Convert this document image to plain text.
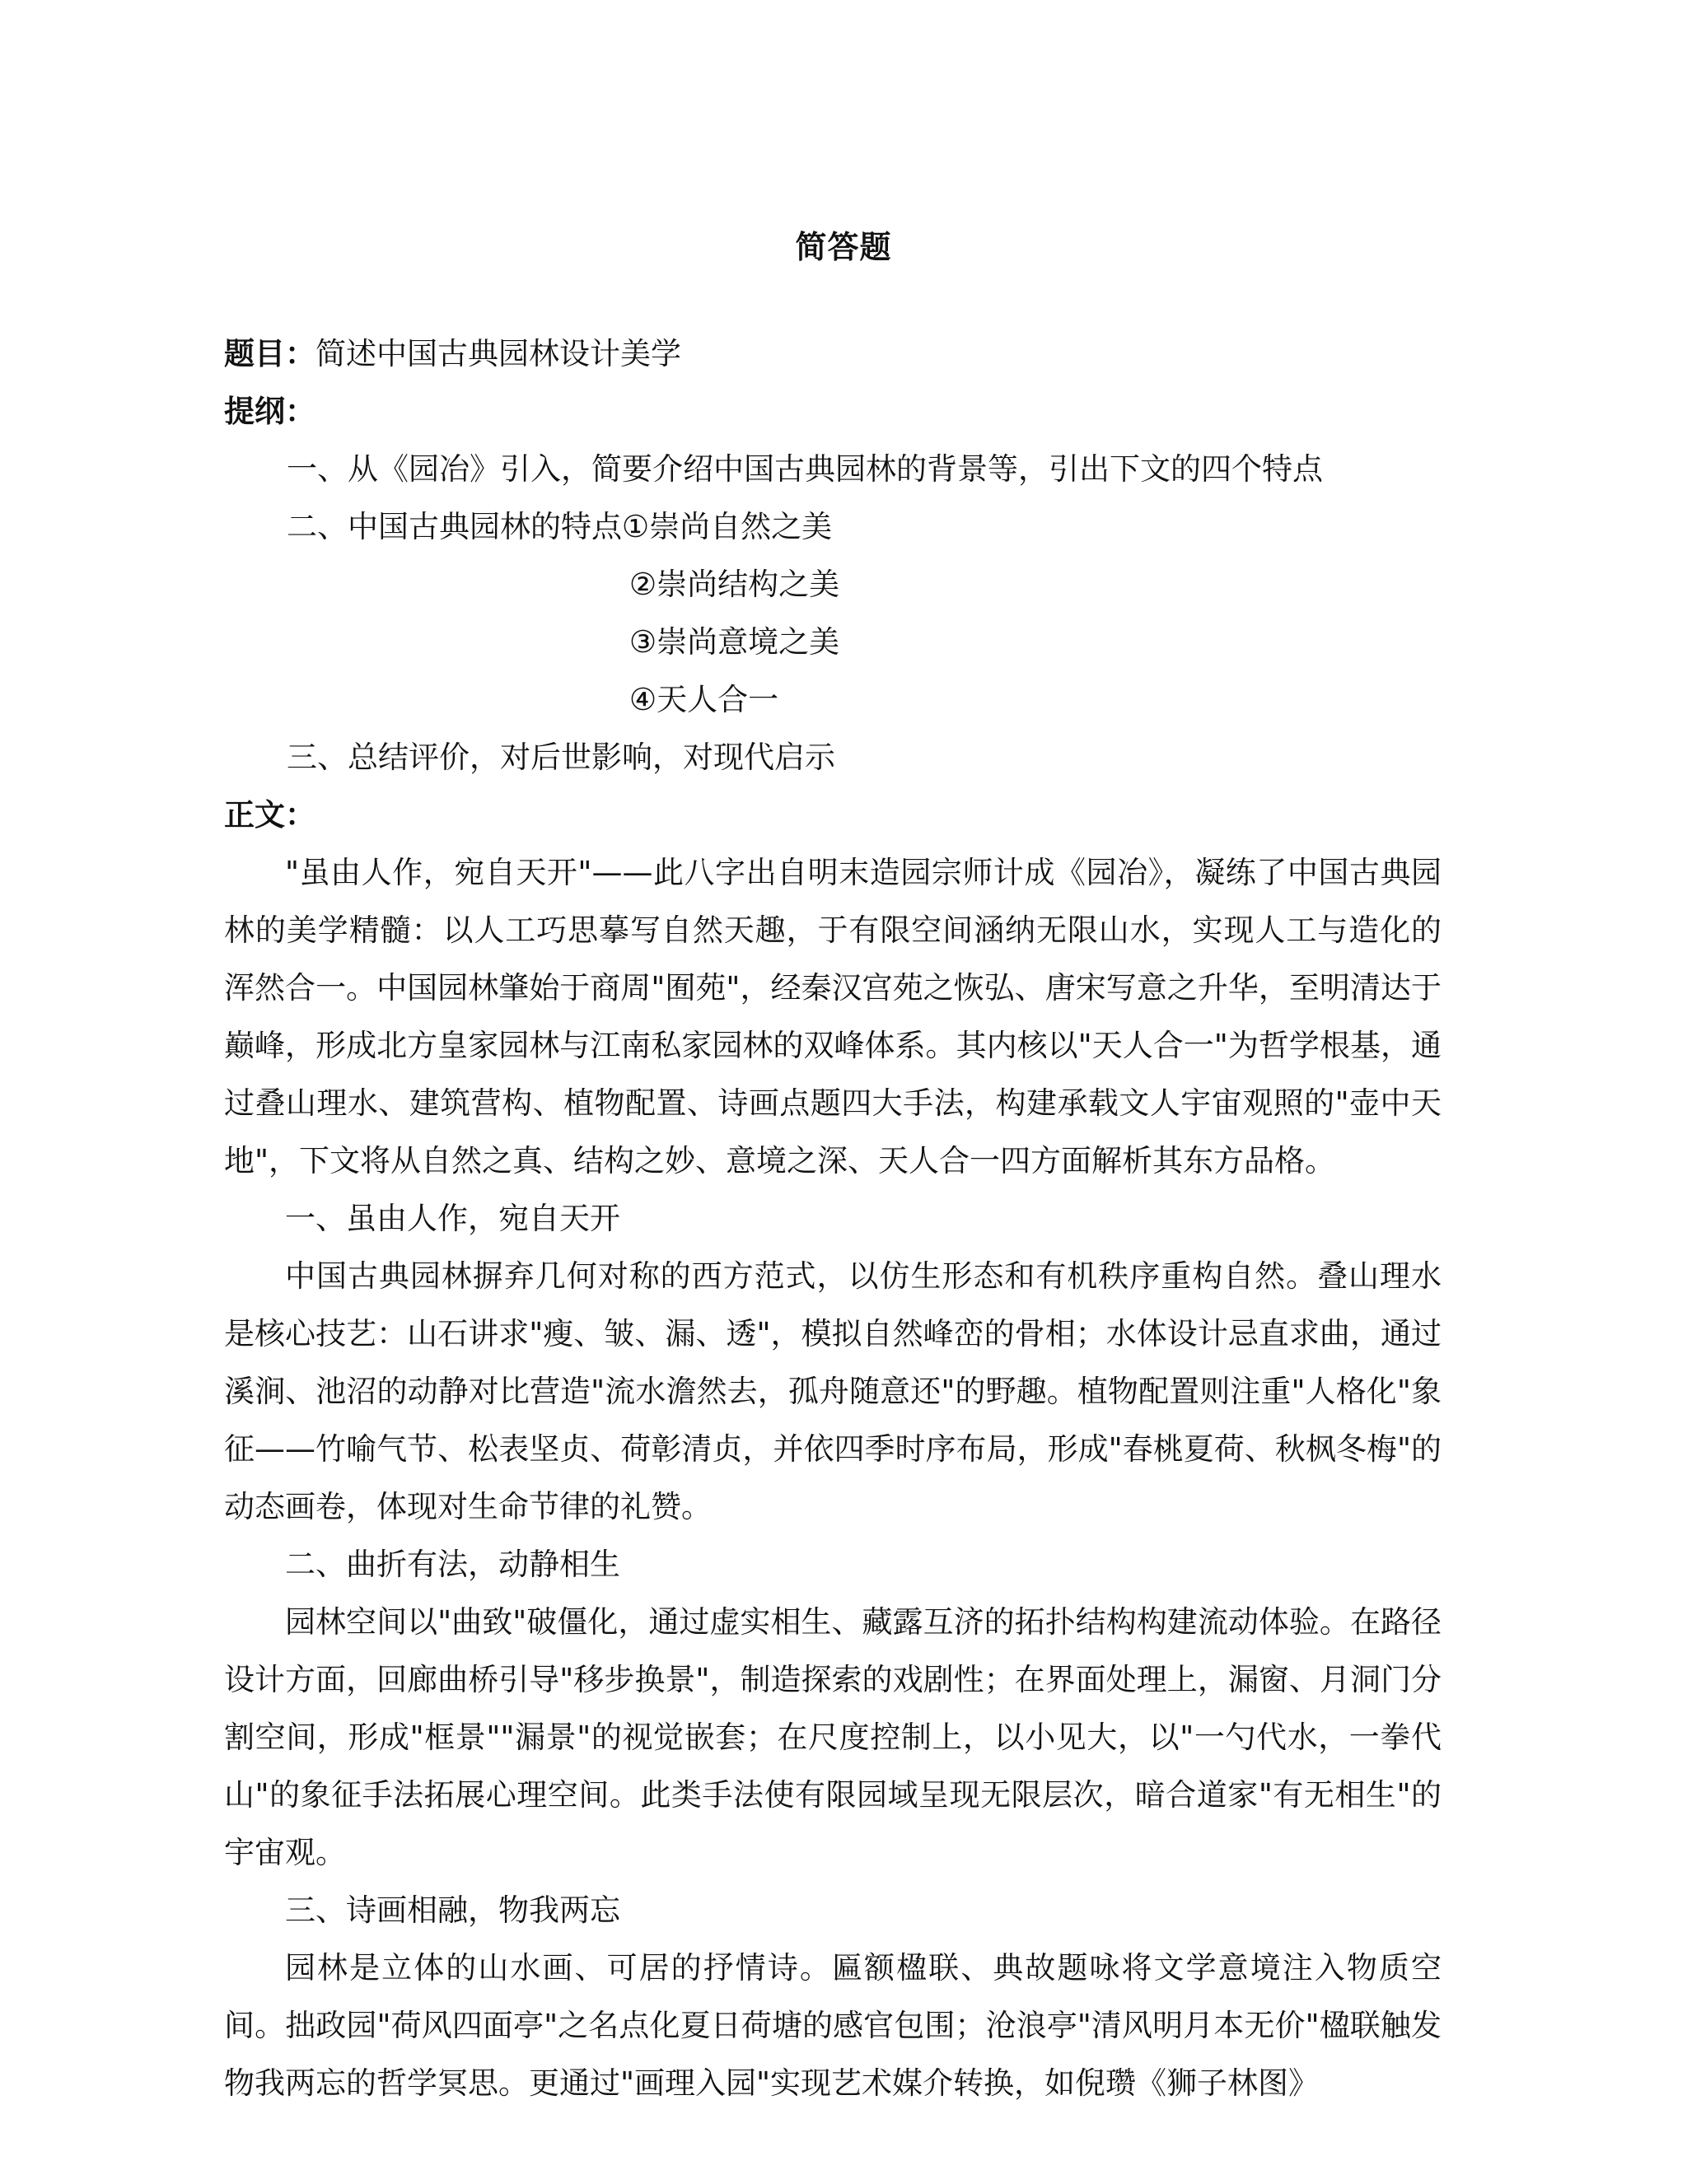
简答题
题目：简述中国古典园林设计美学
提纲：
一、从《园冶》引入，简要介绍中国古典园林的背景等，引出下文的四个特点
二、中国古典园林的特点①崇尚自然之美
②崇尚结构之美
③崇尚意境之美
④天人合一
三、总结评价，对后世影响，对现代启示
正文：
"虽由人作，宛自天开"——此八字出自明末造园宗师计成《园冶》，凝练了中国古典园林的美学精髓：以人工巧思摹写自然天趣，于有限空间涵纳无限山水，实现人工与造化的浑然合一。中国园林肇始于商周"囿苑"，经秦汉宫苑之恢弘、唐宋写意之升华，至明清达于巅峰，形成北方皇家园林与江南私家园林的双峰体系。其内核以"天人合一"为哲学根基，通过叠山理水、建筑营构、植物配置、诗画点题四大手法，构建承载文人宇宙观照的"壶中天地"，下文将从自然之真、结构之妙、意境之深、天人合一四方面解析其东方品格。
一、虽由人作，宛自天开
中国古典园林摒弃几何对称的西方范式，以仿生形态和有机秩序重构自然。叠山理水是核心技艺：山石讲求"瘦、皱、漏、透"，模拟自然峰峦的骨相；水体设计忌直求曲，通过溪涧、池沼的动静对比营造"流水澹然去，孤舟随意还"的野趣。植物配置则注重"人格化"象征——竹喻气节、松表坚贞、荷彰清贞，并依四季时序布局，形成"春桃夏荷、秋枫冬梅"的动态画卷，体现对生命节律的礼赞。
二、曲折有法，动静相生
园林空间以"曲致"破僵化，通过虚实相生、藏露互济的拓扑结构构建流动体验。在路径设计方面，回廊曲桥引导"移步换景"，制造探索的戏剧性；在界面处理上，漏窗、月洞门分割空间，形成"框景""漏景"的视觉嵌套；在尺度控制上，以小见大，以"一勺代水，一拳代山"的象征手法拓展心理空间。此类手法使有限园域呈现无限层次，暗合道家"有无相生"的宇宙观。
三、诗画相融，物我两忘
园林是立体的山水画、可居的抒情诗。匾额楹联、典故题咏将文学意境注入物质空间。拙政园"荷风四面亭"之名点化夏日荷塘的感官包围；沧浪亭"清风明月本无价"楹联触发物我两忘的哲学冥思。更通过"画理入园"实现艺术媒介转换，如倪瓒《狮子林图》
